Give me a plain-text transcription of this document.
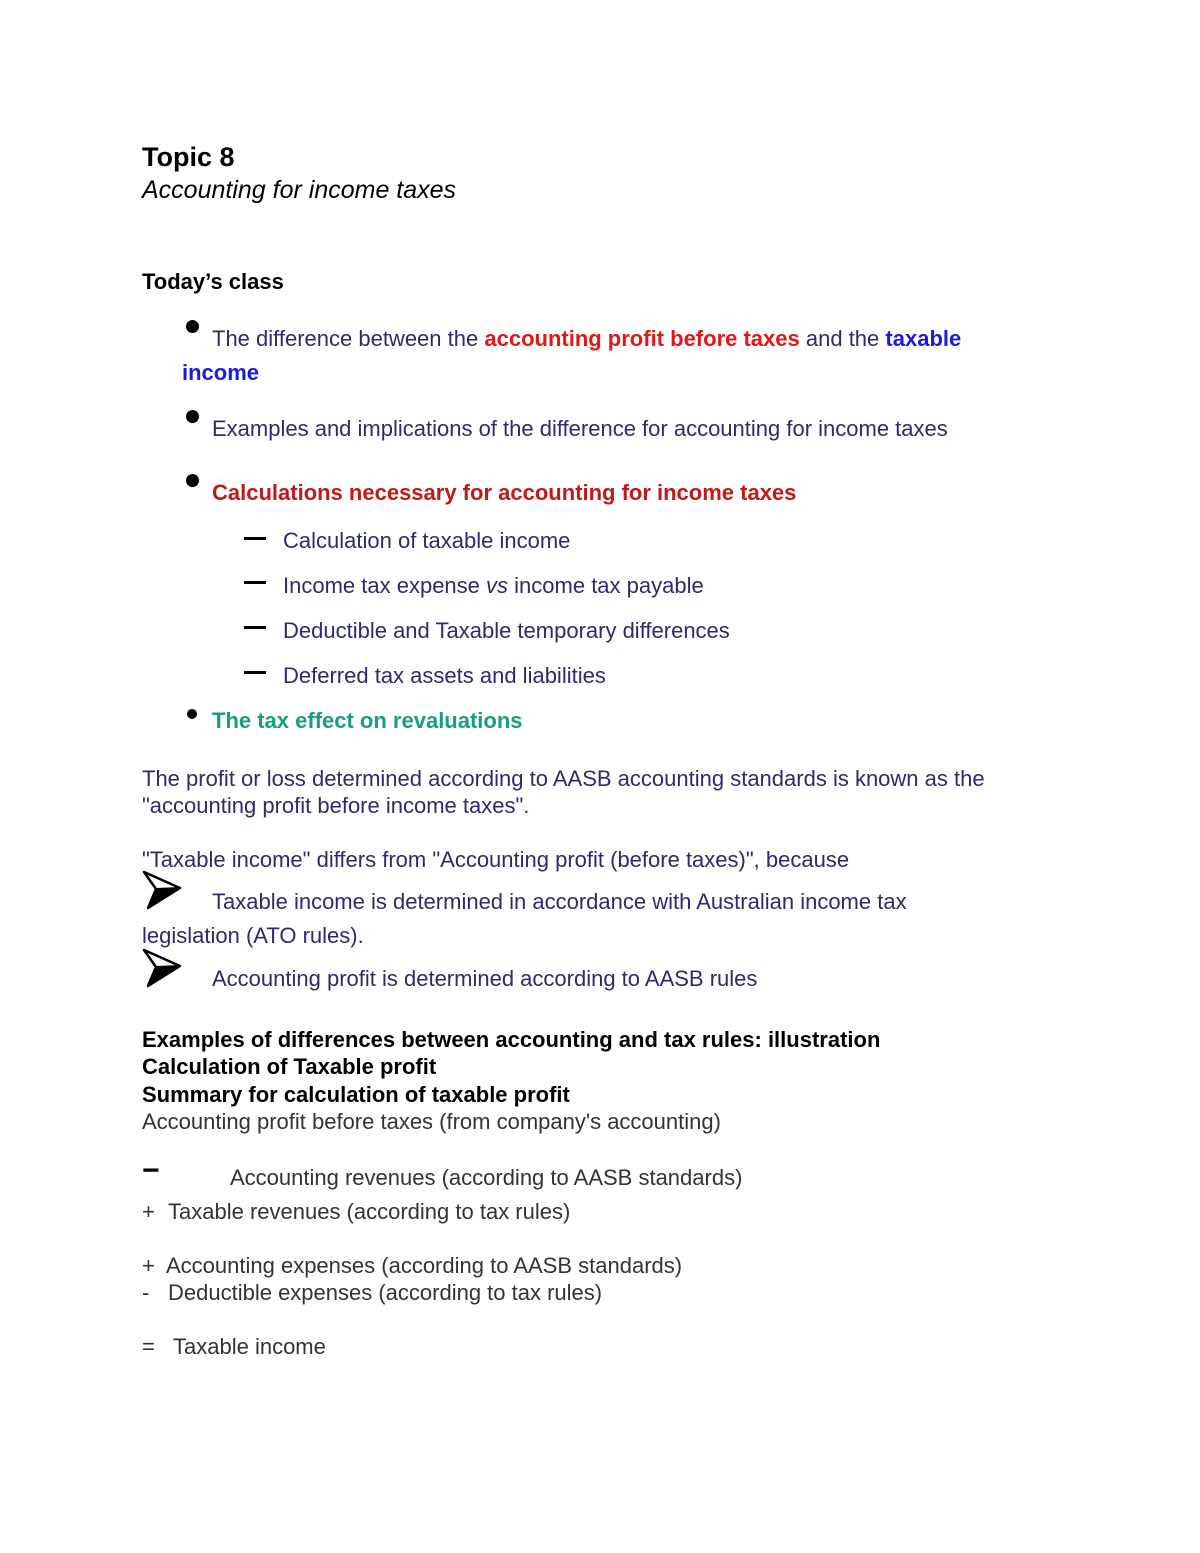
Topic 8
Accounting for income taxes
Today’s class
The difference between the accounting profit before taxes and the taxable
income
Examples and implications of the difference for accounting for income taxes
Calculations necessary for accounting for income taxes
Calculation of taxable income
Income tax expense vs income tax payable
Deductible and Taxable temporary differences
Deferred tax assets and liabilities
The tax effect on revaluations
The profit or loss determined according to AASB accounting standards is known as the
"accounting profit before income taxes".
"Taxable income" differs from "Accounting profit (before taxes)", because
Taxable income is determined in accordance with Australian income tax
legislation (ATO rules).
Accounting profit is determined according to AASB rules
Examples of differences between accounting and tax rules: illustration
Calculation of Taxable profit
Summary for calculation of taxable profit
Accounting profit before taxes (from company's accounting)
−	Accounting revenues (according to AASB standards)
+ Taxable revenues (according to tax rules)
+ Accounting expenses (according to AASB standards)
- Deductible expenses (according to tax rules)
= Taxable income
